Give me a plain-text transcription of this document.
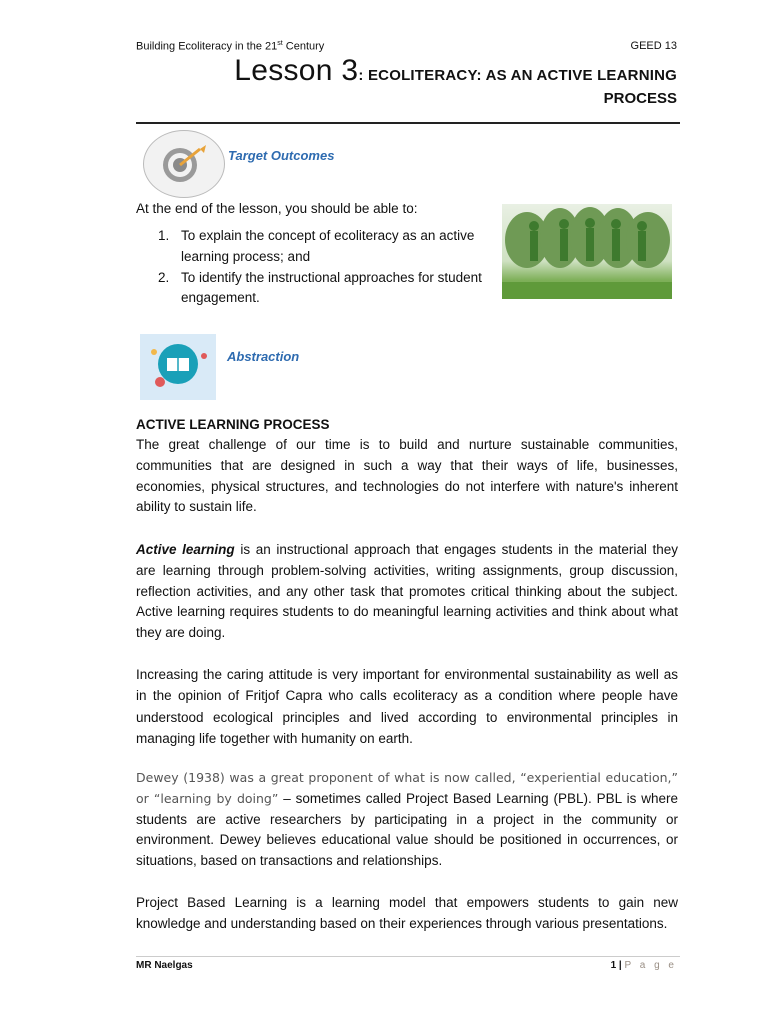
Building Ecoliteracy in the 21st Century	GEED 13
Lesson 3: ECOLITERACY: AS AN ACTIVE LEARNING
PROCESS
Target Outcomes
At the end of the lesson, you should be able to:
1. To explain the concept of ecoliteracy as an active
learning process; and
2. To identify the instructional approaches for student
engagement.
Abstraction
ACTIVE LEARNING PROCESS
The great challenge of our time is to build and nurture sustainable communities, communities that are designed in such a way that their ways of life, businesses, economies, physical structures, and technologies do not interfere with nature's inherent ability to sustain life.
Active learning is an instructional approach that engages students in the material they are learning through problem-solving activities, writing assignments, group discussion, reflection activities, and any other task that promotes critical thinking about the subject. Active learning requires students to do meaningful learning activities and think about what they are doing.
Increasing the caring attitude is very important for environmental sustainability as well as in the opinion of Fritjof Capra who calls ecoliteracy as a condition where people have understood ecological principles and lived according to environmental principles in managing life together with humanity on earth.
Dewey (1938) was a great proponent of what is now called, “experiential education,” or “learning by doing” – sometimes called Project Based Learning (PBL). PBL is where students are active researchers by participating in a project in the community or environment. Dewey believes educational value should be positioned in occurrences, or situations, based on transactions and relationships.
Project Based Learning is a learning model that empowers students to gain new knowledge and understanding based on their experiences through various presentations.
MR Naelgas	1 | P a g e
